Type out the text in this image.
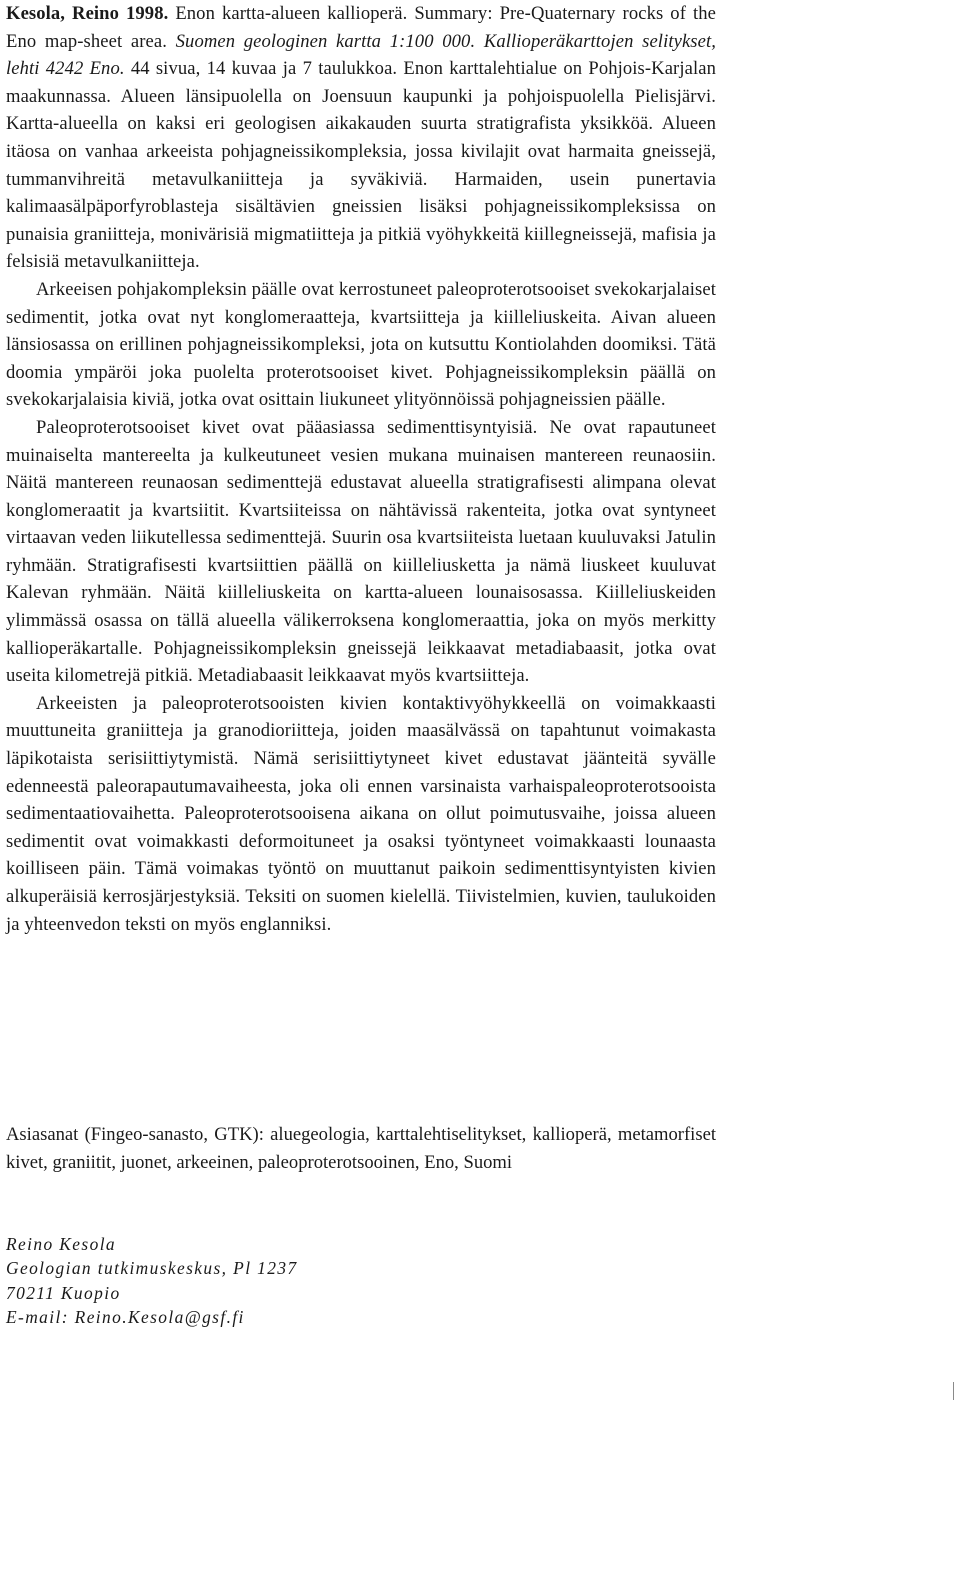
Kesola, Reino 1998. Enon kartta-alueen kallioperä. Summary: Pre-Quaternary rocks of the Eno map-sheet area. Suomen geologinen kartta 1:100 000. Kallioperäkarttojen selitykset, lehti 4242 Eno. 44 sivua, 14 kuvaa ja 7 taulukkoa. Enon karttalehtialue on Pohjois-Karjalan maakunnassa. Alueen länsipuolella on Joensuun kaupunki ja pohjoispuolella Pielisjärvi. Kartta-alueella on kaksi eri geologisen aikakauden suurta stratigrafista yksikköä. Alueen itäosa on vanhaa arkeeista pohjagneissikompleksia, jossa kivilajit ovat harmaita gneissejä, tummanvihreitä metavulkaniitteja ja syväkiviä. Harmaiden, usein punertavia kalimaasälpäporfyroblasteja sisältävien gneissien lisäksi pohjagneissikompleksissa on punaisia graniitteja, monivärisiä migmatiitteja ja pitkiä vyöhykkeitä kiillegneissejä, mafisia ja felsisiä metavulkaniitteja.

Arkeeisen pohjakompleksin päälle ovat kerrostuneet paleoproterotsooiset svekokarjalaiset sedimentit, jotka ovat nyt konglomeraatteja, kvartsiitteja ja kiilleliuskeita. Aivan alueen länsiosassa on erillinen pohjagneissikompleksi, jota on kutsuttu Kontiolahden doomiksi. Tätä doomia ympäröi joka puolelta proterotsooiset kivet. Pohjagneissikompleksin päällä on svekokarjalaisia kiviä, jotka ovat osittain liukuneet ylityönnöissä pohjagneissien päälle.

Paleoproterotsooiset kivet ovat pääasiassa sedimenttisyntyisiä. Ne ovat rapautuneet muinaiselta mantereelta ja kulkeutuneet vesien mukana muinaisen mantereen reunaosiin. Näitä mantereen reunaosan sedimenttejä edustavat alueella stratigrafisesti alimpana olevat konglomeraatit ja kvartsiitit. Kvartsiiteissa on nähtävissä rakenteita, jotka ovat syntyneet virtaavan veden liikutellessa sedimenttejä. Suurin osa kvartsiiteista luetaan kuuluvaksi Jatulin ryhmään. Stratigrafisesti kvartsiittien päällä on kiilleliusketta ja nämä liuskeet kuuluvat Kalevan ryhmään. Näitä kiilleliuskeita on kartta-alueen lounaisosassa. Kiilleliuskeiden ylimmässä osassa on tällä alueella välikerroksena konglomeraattia, joka on myös merkitty kallioperäkartalle. Pohjagneissikompleksin gneissejä leikkaavat metadiabaasit, jotka ovat useita kilometrejä pitkiä. Metadiabaasit leikkaavat myös kvartsiitteja.

Arkeeisten ja paleoproterotsooisten kivien kontaktivyöhykkeellä on voimakkaasti muuttuneita graniitteja ja granodioriitteja, joiden maasälvässä on tapahtunut voimakasta läpikotaista serisiittiytymistä. Nämä serisiittiytyneet kivet edustavat jäänteitä syvälle edenneestä paleorapautumavaiheesta, joka oli ennen varsinaista varhaispaleoproterotsooista sedimentaatiovaihetta. Paleoproterotsooisena aikana on ollut poimutusvaihe, joissa alueen sedimentit ovat voimakkasti deformoituneet ja osaksi työntyneet voimakkaasti lounaasta koilliseen päin. Tämä voimakas työntö on muuttanut paikoin sedimenttisyntyisten kivien alkuperäisiä kerrosjärjestyksiä. Teksiti on suomen kielellä. Tiivistelmien, kuvien, taulukoiden ja yhteenvedon teksti on myös englanniksi.

Asiasanat (Fingeo-sanasto, GTK): aluegeologia, karttalehtiselitykset, kallioperä, metamorfiset kivet, graniitit, juonet, arkeeinen, paleoproterotsooinen, Eno, Suomi

Reino Kesola
Geologian tutkimuskeskus, Pl 1237
70211 Kuopio
E-mail: Reino.Kesola@gsf.fi
